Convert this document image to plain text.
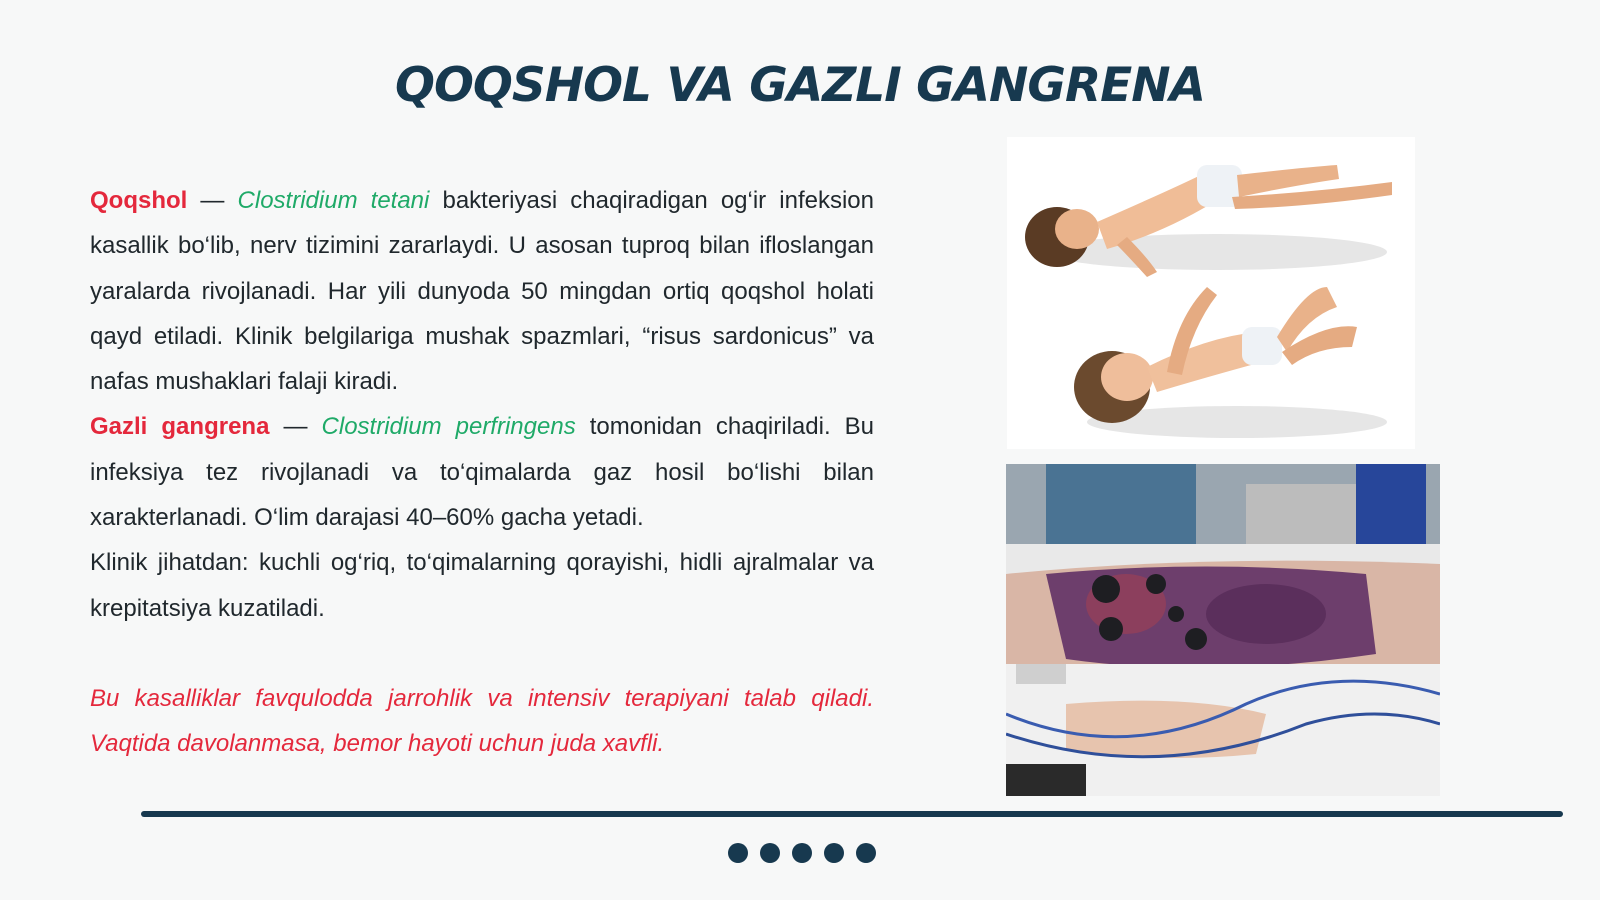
QOQSHOL VA GAZLI GANGRENA

Qoqshol — Clostridium tetani bakteriyasi chaqiradigan og‘ir infeksion kasallik bo‘lib, nerv tizimini zararlaydi. U asosan tuproq bilan ifloslangan yaralarda rivojlanadi. Har yili dunyoda 50 mingdan ortiq qoqshol holati qayd etiladi. Klinik belgilariga mushak spazmlari, “risus sardonicus” va nafas mushaklari falaji kiradi.

Gazli gangrena — Clostridium perfringens tomonidan chaqiriladi. Bu infeksiya tez rivojlanadi va to‘qimalarda gaz hosil bo‘lishi bilan xarakterlanadi. O‘lim darajasi 40–60% gacha yetadi.

Klinik jihatdan: kuchli og‘riq, to‘qimalarning qorayishi, hidli ajralmalar va krepitatsiya kuzatiladi.

Bu kasalliklar favqulodda jarrohlik va intensiv terapiyani talab qiladi. Vaqtida davolanmasa, bemor hayoti uchun juda xavfli.
